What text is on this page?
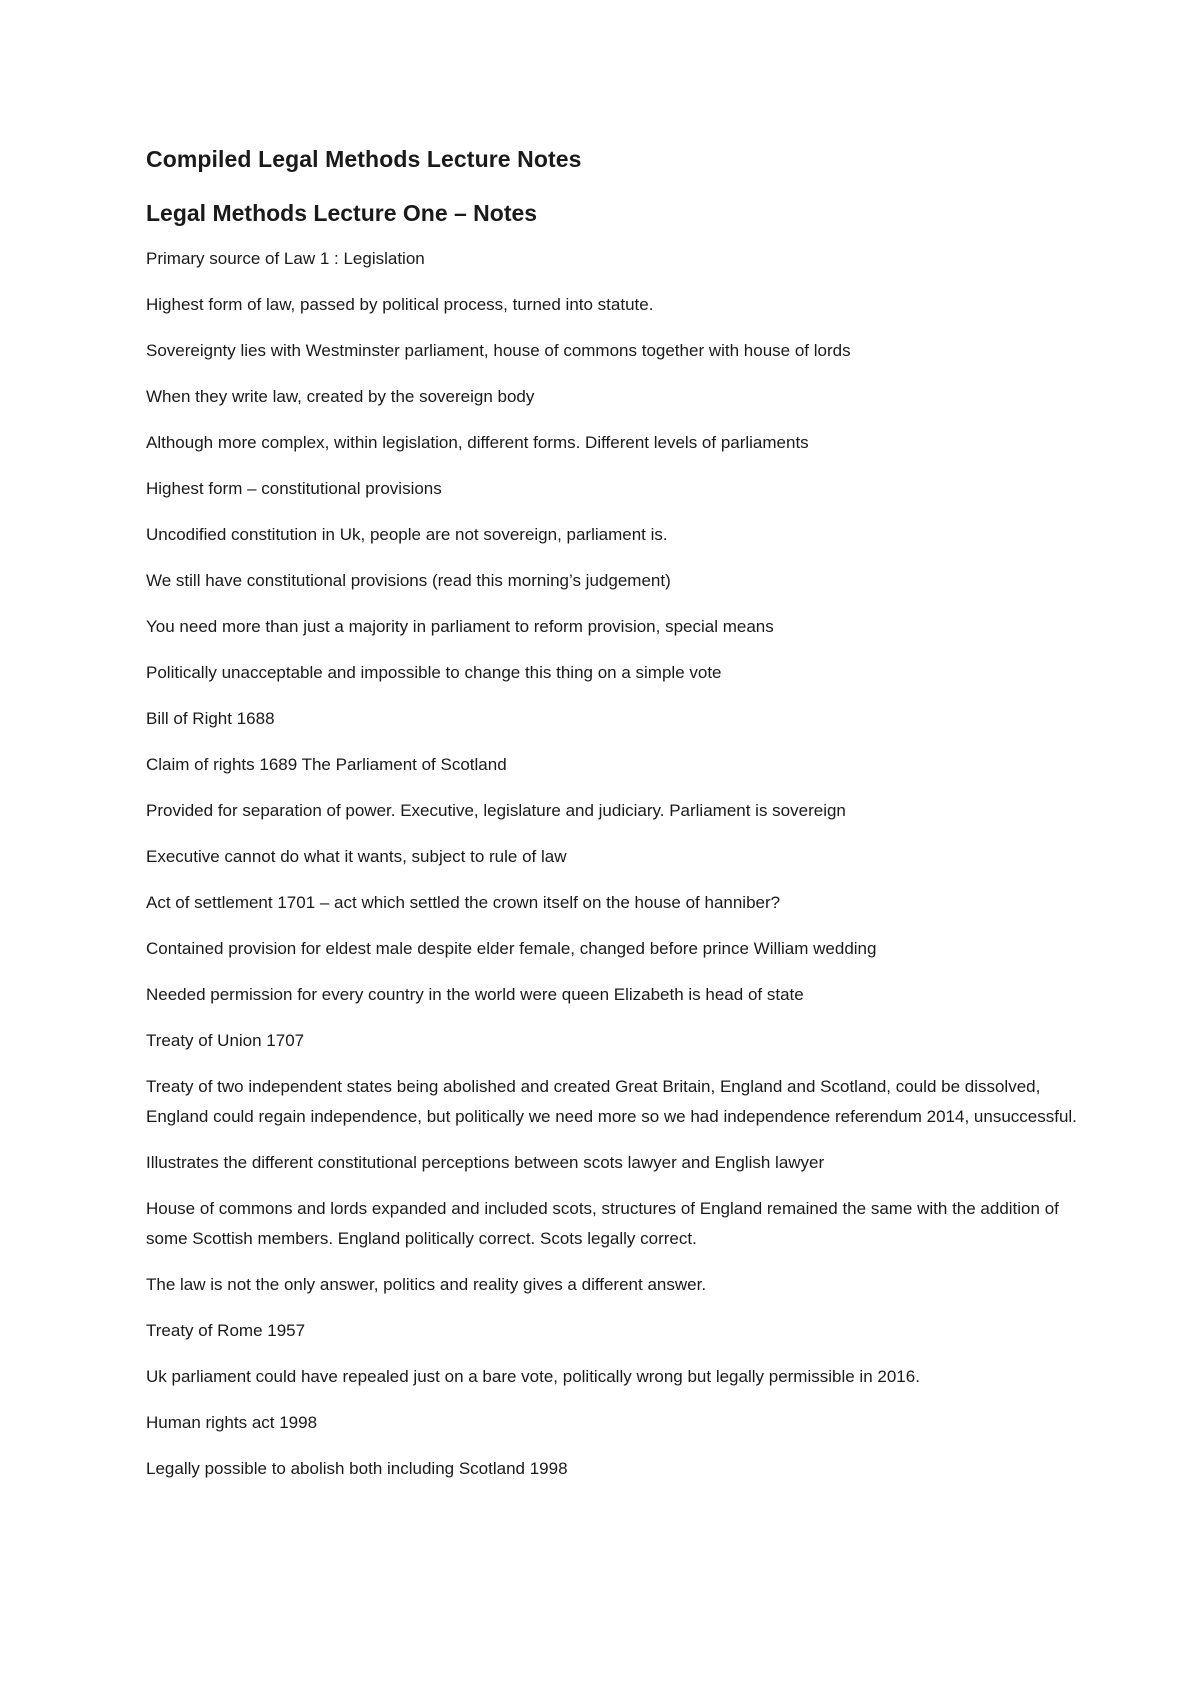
Compiled Legal Methods Lecture Notes
Legal Methods Lecture One – Notes

Primary source of Law 1 : Legislation

Highest form of law, passed by political process, turned into statute.

Sovereignty lies with Westminster parliament, house of commons together with house of lords

When they write law, created by the sovereign body

Although more complex, within legislation, different forms. Different levels of parliaments

Highest form – constitutional provisions

Uncodified constitution in Uk, people are not sovereign, parliament is.

We still have constitutional provisions (read this morning’s judgement)

You need more than just a majority in parliament to reform provision, special means

Politically unacceptable and impossible to change this thing on a simple vote

Bill of Right 1688

Claim of rights 1689 The Parliament of Scotland

Provided for separation of power. Executive, legislature and judiciary. Parliament is sovereign

Executive cannot do what it wants, subject to rule of law

Act of settlement 1701 – act which settled the crown itself on the house of hanniber?

Contained provision for eldest male despite elder female, changed before prince William wedding

Needed permission for every country in the world were queen Elizabeth is head of state

Treaty of Union 1707

Treaty of two independent states being abolished and created Great Britain, England and Scotland, could be dissolved, England could regain independence, but politically we need more so we had independence referendum 2014, unsuccessful.

Illustrates the different constitutional perceptions between scots lawyer and English lawyer

House of commons and lords expanded and included scots, structures of England remained the same with the addition of some Scottish members. England politically correct. Scots legally correct.

The law is not the only answer, politics and reality gives a different answer.

Treaty of Rome 1957

Uk parliament could have repealed just on a bare vote, politically wrong but legally permissible in 2016.

Human rights act 1998

Legally possible to abolish both including Scotland 1998
